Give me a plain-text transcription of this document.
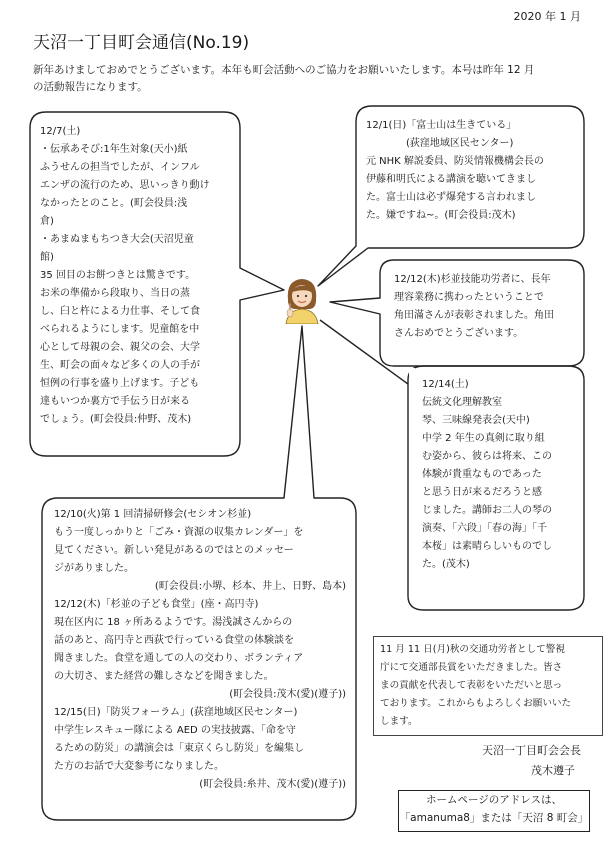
2020 年 1 月
天沼一丁目町会通信(No.19)
新年あけましておめでとうございます。本年も町会活動へのご協力をお願いいたします。本号は昨年 12 月
の活動報告になります。
12/7(土)
・伝承あそび:1年生対象(天小)紙
ふうせんの担当でしたが、インフル
エンザの流行のため、思いっきり動け
なかったとのこと。(町会役員:浅
倉)
・あまぬまもちつき大会(天沼児童
館)
35 回目のお餅つきとは驚きです。
お米の準備から段取り、当日の蒸
し、臼と杵による力仕事、そして食
べられるようにします。児童館を中
心として母親の会、親父の会、大学
生、町会の面々など多くの人の手が
恒例の行事を盛り上げます。子ども
達もいつか裏方で手伝う日が来る
でしょう。(町会役員:仲野、茂木)
12/1(日)「富士山は生きている」
(荻窪地域区民センター)
元 NHK 解説委員、防災情報機構会長の
伊藤和明氏による講演を聴いてきまし
た。富士山は必ず爆発する言われまし
た。嫌ですね~。(町会役員:茂木)
12/12(木)杉並技能功労者に、長年
理容業務に携わったということで
角田滿さんが表彰されました。角田
さんおめでとうございます。
12/14(土)
伝統文化理解教室
琴、三味線発表会(天中)
中学 2 年生の真剣に取り組
む姿から、彼らは将来、この
体験が貴重なものであった
と思う日が来るだろうと感
じました。講師お二人の琴の
演奏、「六段」「春の海」「千
本桜」は素晴らしいものでし
た。(茂木)
12/10(火)第 1 回清掃研修会(セシオン杉並)
もう一度しっかりと「ごみ・資源の収集カレンダー」を
見てください。新しい発見があるのではとのメッセー
ジがありました。
(町会役員:小堺、杉本、井上、日野、島本)
12/12(木)「杉並の子ども食堂」(座・高円寺)
現在区内に 18 ヶ所あるようです。湯浅誠さんからの
話のあと、高円寺と西荻で行っている食堂の体験談を
聞きました。食堂を通しての人の交わり、ボランティア
の大切さ、また経営の難しさなどを聞きました。
(町会役員:茂木(愛)(遵子))
12/15(日)「防災フォーラム」(荻窪地域区民センター)
中学生レスキュー隊による AED の実技披露、「命を守
るための防災」の講演会は「東京くらし防災」を編集し
た方のお話で大変参考になりました。
(町会役員:糸井、茂木(愛)(遵子))
11 月 11 日(月)秋の交通功労者として警視
庁にて交通部長賞をいただきました。皆さ
まの貢献を代表して表彰をいただいと思っ
ております。これからもよろしくお願いいた
します。
天沼一丁目町会会長
茂木遵子
ホームページのアドレスは、
「amanuma8」または「天沼 8 町会」
